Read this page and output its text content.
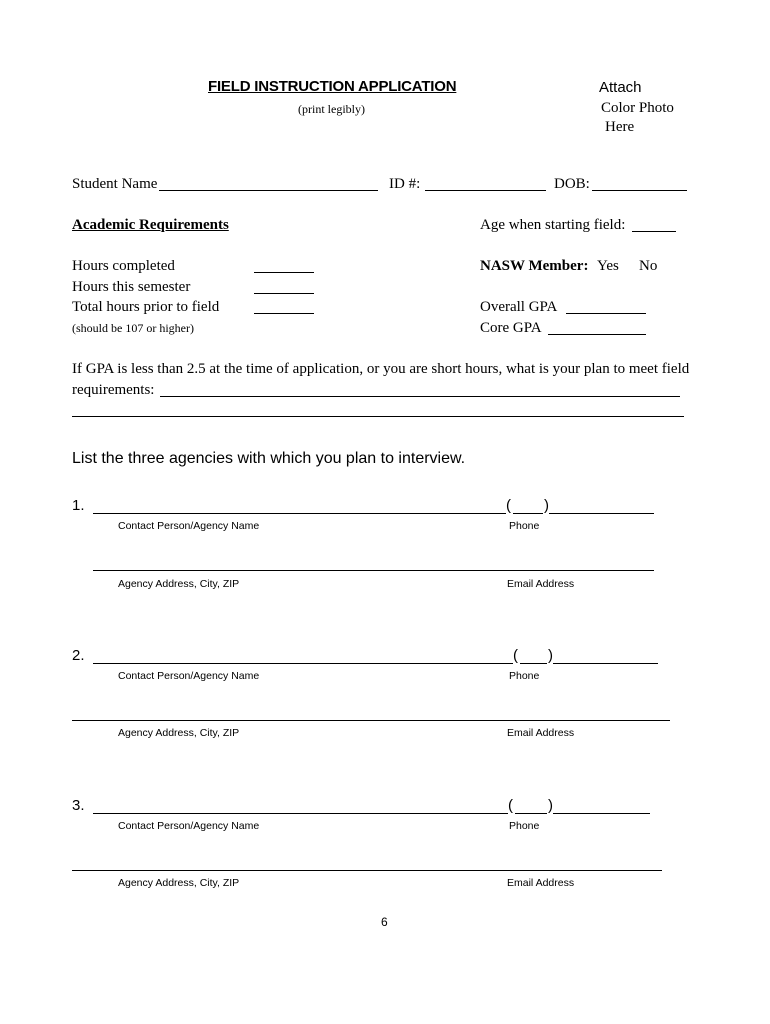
FIELD INSTRUCTION APPLICATION
(print legibly)
Attach
Color Photo
Here
Student Name	ID #:	DOB:
Academic Requirements	Age when starting field:
Hours completed
Hours this semester
Total hours prior to field
(should be 107 or higher)
NASW Member: Yes No
Overall GPA
Core GPA
If GPA is less than 2.5 at the time of application, or you are short hours, what is your plan to meet field
requirements:
List the three agencies with which you plan to interview.
1.	( )
Contact Person/Agency Name	Phone
Agency Address, City, ZIP	Email Address
2.	( )
Contact Person/Agency Name	Phone
Agency Address, City, ZIP	Email Address
3.	( )
Contact Person/Agency Name	Phone
Agency Address, City, ZIP	Email Address
6
